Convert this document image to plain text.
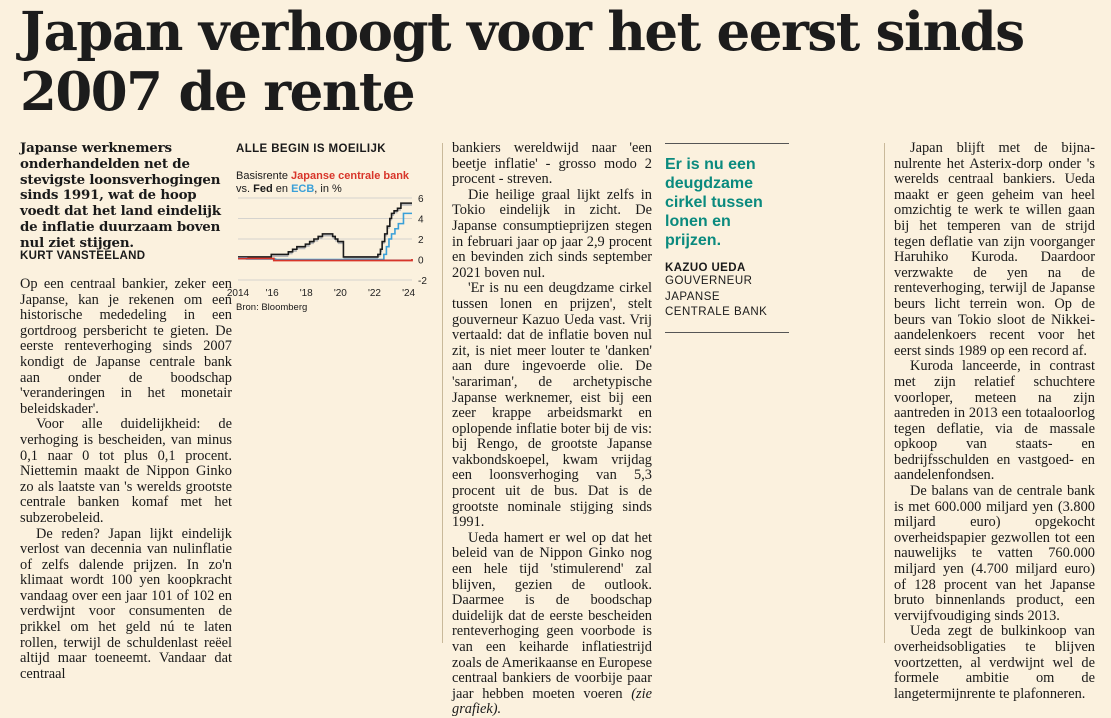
Japan verhoogt voor het eerst sinds 2007 de rente
Japanse werknemers onderhandelden net de stevigste loonsverhogingen sinds 1991, wat de hoop voedt dat het land eindelijk de inflatie duurzaam boven nul ziet stijgen.
KURT VANSTEELAND

Op een centraal bankier, zeker een Japanse, kan je rekenen om een historische mededeling in een gortdroog persbericht te gieten. De eerste renteverhoging sinds 2007 kondigt de Japanse centrale bank aan onder de boodschap 'veranderingen in het monetair beleidskader'.

Voor alle duidelijkheid: de verhoging is bescheiden, van minus 0,1 naar 0 tot plus 0,1 procent. Niettemin maakt de Nippon Ginko zo als laatste van 's werelds grootste centrale banken komaf met het subzerobeleid.

De reden? Japan lijkt eindelijk verlost van decennia van nulinflatie of zelfs dalende prijzen. In zo'n klimaat wordt 100 yen koopkracht vandaag over een jaar 101 of 102 en verdwijnt voor consumenten de prikkel om het geld nú te laten rollen, terwijl de schuldenlast reëel altijd maar toeneemt. Vandaar dat centraal

ALLE BEGIN IS MOEILIJK
Basisrente Japanse centrale bank
vs. Fed en ECB, in %
6
4
2
0
-2
2014 '16 '18 '20 '22 '24
Bron: Bloomberg

bankiers wereldwijd naar 'een beetje inflatie' - grosso modo 2 procent - streven.

Die heilige graal lijkt zelfs in Tokio eindelijk in zicht. De Japanse consumptieprijzen stegen in februari jaar op jaar 2,9 procent en bevinden zich sinds september 2021 boven nul.

'Er is nu een deugdzame cirkel tussen lonen en prijzen', stelt gouverneur Kazuo Ueda vast. Vrij vertaald: dat de inflatie boven nul zit, is niet meer louter te 'danken' aan dure ingevoerde olie. De 'sarariman', de archetypische Japanse werknemer, eist bij een zeer krappe arbeidsmarkt en oplopende inflatie boter bij de vis: bij Rengo, de grootste Japanse vakbondskoepel, kwam vrijdag een loonsverhoging van 5,3 procent uit de bus. Dat is de grootste nominale stijging sinds 1991.

Ueda hamert er wel op dat het beleid van de Nippon Ginko nog een hele tijd 'stimulerend' zal blijven, gezien de outlook. Daarmee is de boodschap duidelijk dat de eerste bescheiden renteverhoging geen voorbode is van een keiharde inflatiestrijd zoals de Amerikaanse en Europese centraal bankiers de voorbije paar jaar hebben moeten voeren (zie grafiek).

Er is nu een deugdzame cirkel tussen lonen en prijzen.
KAZUO UEDA
GOUVERNEUR
JAPANSE
CENTRALE BANK

Japan blijft met de bijna-nulrente het Asterix-dorp onder 's werelds centraal bankiers. Ueda maakt er geen geheim van heel omzichtig te werk te willen gaan bij het temperen van de strijd tegen deflatie van zijn voorganger Haruhiko Kuroda. Daardoor verzwakte de yen na de renteverhoging, terwijl de Japanse beurs licht terrein won. Op de beurs van Tokio sloot de Nikkei-aandelenkoers recent voor het eerst sinds 1989 op een record af.

Kuroda lanceerde, in contrast met zijn relatief schuchtere voorloper, meteen na zijn aantreden in 2013 een totaaloorlog tegen deflatie, via de massale opkoop van staats- en bedrijfsschulden en vastgoed- en aandelenfondsen.

De balans van de centrale bank is met 600.000 miljard yen (3.800 miljard euro) opgekocht overheidspapier gezwollen tot een nauwelijks te vatten 760.000 miljard yen (4.700 miljard euro) of 128 procent van het Japanse bruto binnenlands product, een vervijfvoudiging sinds 2013.

Ueda zegt de bulkinkoop van overheidsobligaties te blijven voortzetten, al verdwijnt wel de formele ambitie om de langetermijnrente te plafonneren.
